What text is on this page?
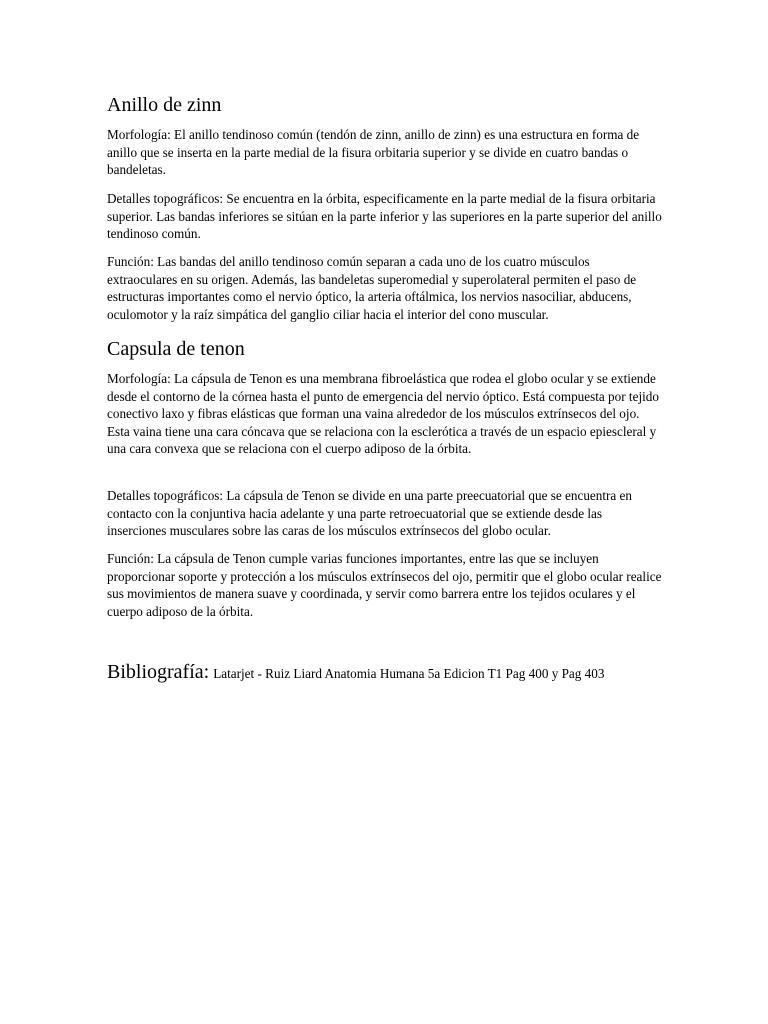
Anillo de zinn

Morfología: El anillo tendinoso común (tendón de zinn, anillo de zinn) es una estructura en forma de anillo que se inserta en la parte medial de la fisura orbitaria superior y se divide en cuatro bandas o bandeletas.

Detalles topográficos: Se encuentra en la órbita, especificamente en la parte medial de la fisura orbitaria superior. Las bandas inferiores se sitúan en la parte inferior y las superiores en la parte superior del anillo tendinoso común.

Función: Las bandas del anillo tendinoso común separan a cada uno de los cuatro músculos extraoculares en su origen. Además, las bandeletas superomedial y superolateral permiten el paso de estructuras importantes como el nervio óptico, la arteria oftálmica, los nervios nasociliar, abducens, oculomotor y la raíz simpática del ganglio ciliar hacia el interior del cono muscular.

Capsula de tenon

Morfología: La cápsula de Tenon es una membrana fibroelástica que rodea el globo ocular y se extiende desde el contorno de la córnea hasta el punto de emergencia del nervio óptico. Está compuesta por tejido conectivo laxo y fibras elásticas que forman una vaina alrededor de los músculos extrínsecos del ojo. Esta vaina tiene una cara cóncava que se relaciona con la esclerótica a través de un espacio epiescleral y una cara convexa que se relaciona con el cuerpo adiposo de la órbita.

Detalles topográficos: La cápsula de Tenon se divide en una parte preecuatorial que se encuentra en contacto con la conjuntiva hacia adelante y una parte retroecuatorial que se extiende desde las inserciones musculares sobre las caras de los músculos extrínsecos del globo ocular.

Función: La cápsula de Tenon cumple varias funciones importantes, entre las que se incluyen proporcionar soporte y protección a los músculos extrínsecos del ojo, permitir que el globo ocular realice sus movimientos de manera suave y coordinada, y servir como barrera entre los tejidos oculares y el cuerpo adiposo de la órbita.

Bibliografía: Latarjet - Ruiz Liard Anatomia Humana 5a Edicion T1 Pag 400 y Pag 403
